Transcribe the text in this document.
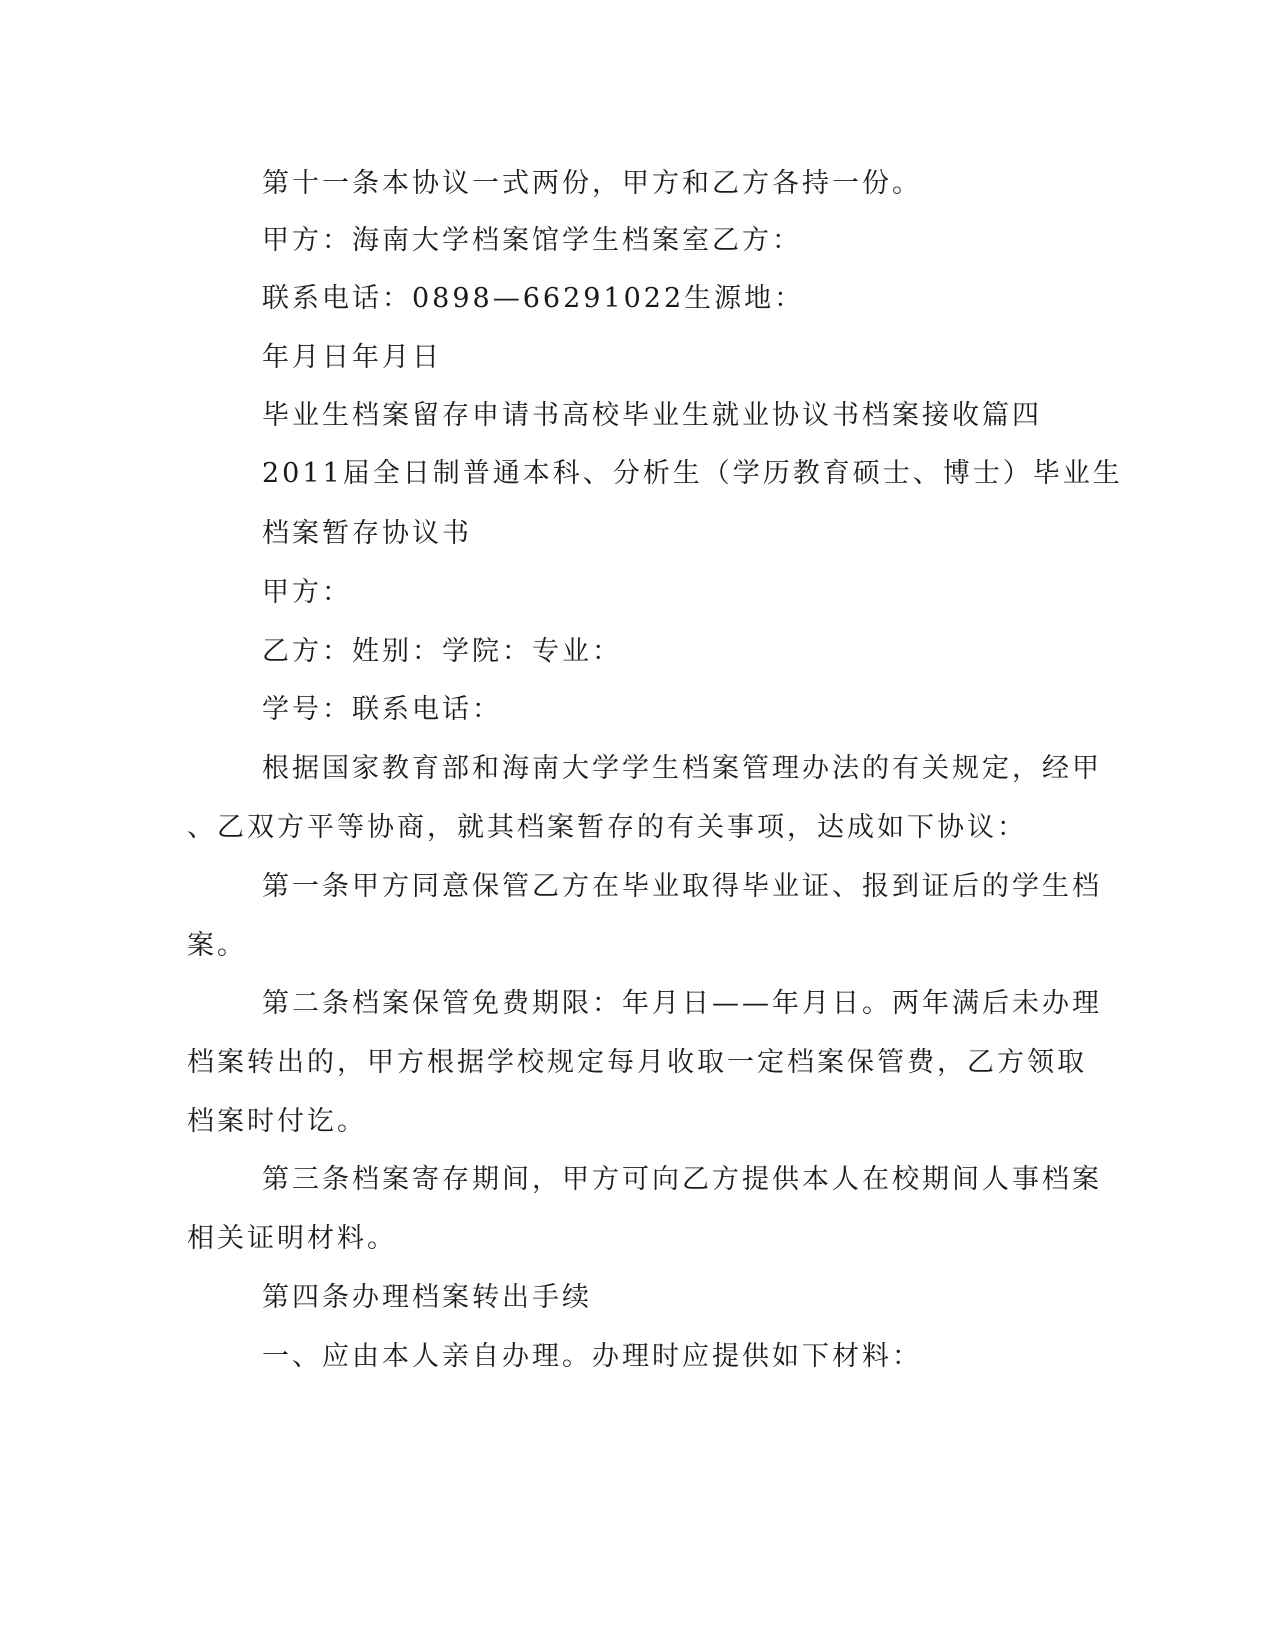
第十一条本协议一式两份，甲方和乙方各持一份。
甲方：海南大学档案馆学生档案室乙方：
联系电话：0898—66291022生源地：
年月日年月日
毕业生档案留存申请书高校毕业生就业协议书档案接收篇四
2011届全日制普通本科、分析生（学历教育硕士、博士）毕业生
档案暂存协议书
甲方：
乙方：姓别：学院：专业：
学号：联系电话：
根据国家教育部和海南大学学生档案管理办法的有关规定，经甲
、乙双方平等协商，就其档案暂存的有关事项，达成如下协议：
第一条甲方同意保管乙方在毕业取得毕业证、报到证后的学生档
案。
第二条档案保管免费期限：年月日——年月日。两年满后未办理
档案转出的，甲方根据学校规定每月收取一定档案保管费，乙方领取
档案时付讫。
第三条档案寄存期间，甲方可向乙方提供本人在校期间人事档案
相关证明材料。
第四条办理档案转出手续
一、应由本人亲自办理。办理时应提供如下材料：
